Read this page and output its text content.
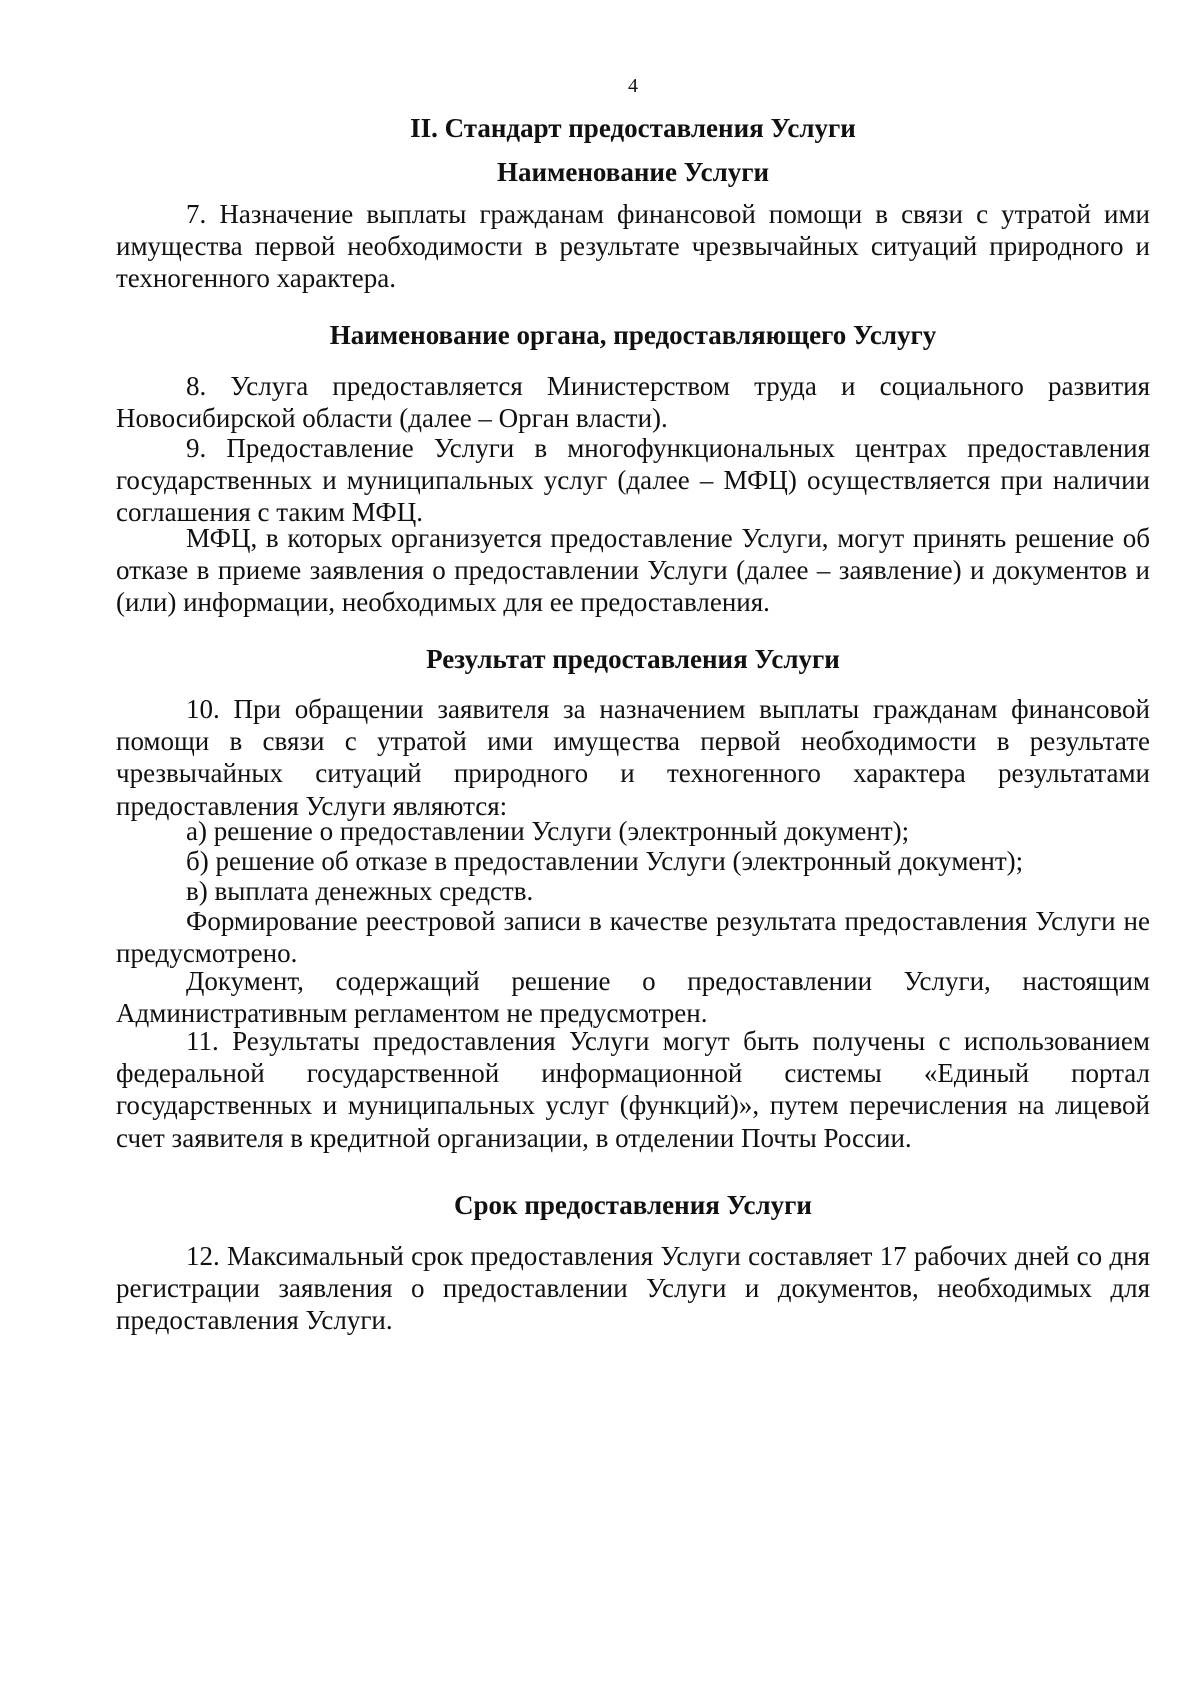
4
II. Стандарт предоставления Услуги
Наименование Услуги

7. Назначение выплаты гражданам финансовой помощи в связи с утратой ими имущества первой необходимости в результате чрезвычайных ситуаций природного и техногенного характера.

Наименование органа, предоставляющего Услугу

8. Услуга предоставляется Министерством труда и социального развития Новосибирской области (далее – Орган власти).

9. Предоставление Услуги в многофункциональных центрах предоставления государственных и муниципальных услуг (далее – МФЦ) осуществляется при наличии соглашения с таким МФЦ.

МФЦ, в которых организуется предоставление Услуги, могут принять решение об отказе в приеме заявления о предоставлении Услуги (далее – заявление) и документов и (или) информации, необходимых для ее предоставления.

Результат предоставления Услуги

10. При обращении заявителя за назначением выплаты гражданам финансовой помощи в связи с утратой ими имущества первой необходимости в результате чрезвычайных ситуаций природного и техногенного характера результатами предоставления Услуги являются:

а) решение о предоставлении Услуги (электронный документ);

б) решение об отказе в предоставлении Услуги (электронный документ);

в) выплата денежных средств.

Формирование реестровой записи в качестве результата предоставления Услуги не предусмотрено.

Документ, содержащий решение о предоставлении Услуги, настоящим Административным регламентом не предусмотрен.

11. Результаты предоставления Услуги могут быть получены с использованием федеральной государственной информационной системы «Единый портал государственных и муниципальных услуг (функций)», путем перечисления на лицевой счет заявителя в кредитной организации, в отделении Почты России.

Срок предоставления Услуги

12. Максимальный срок предоставления Услуги составляет 17 рабочих дней со дня регистрации заявления о предоставлении Услуги и документов, необходимых для предоставления Услуги.
